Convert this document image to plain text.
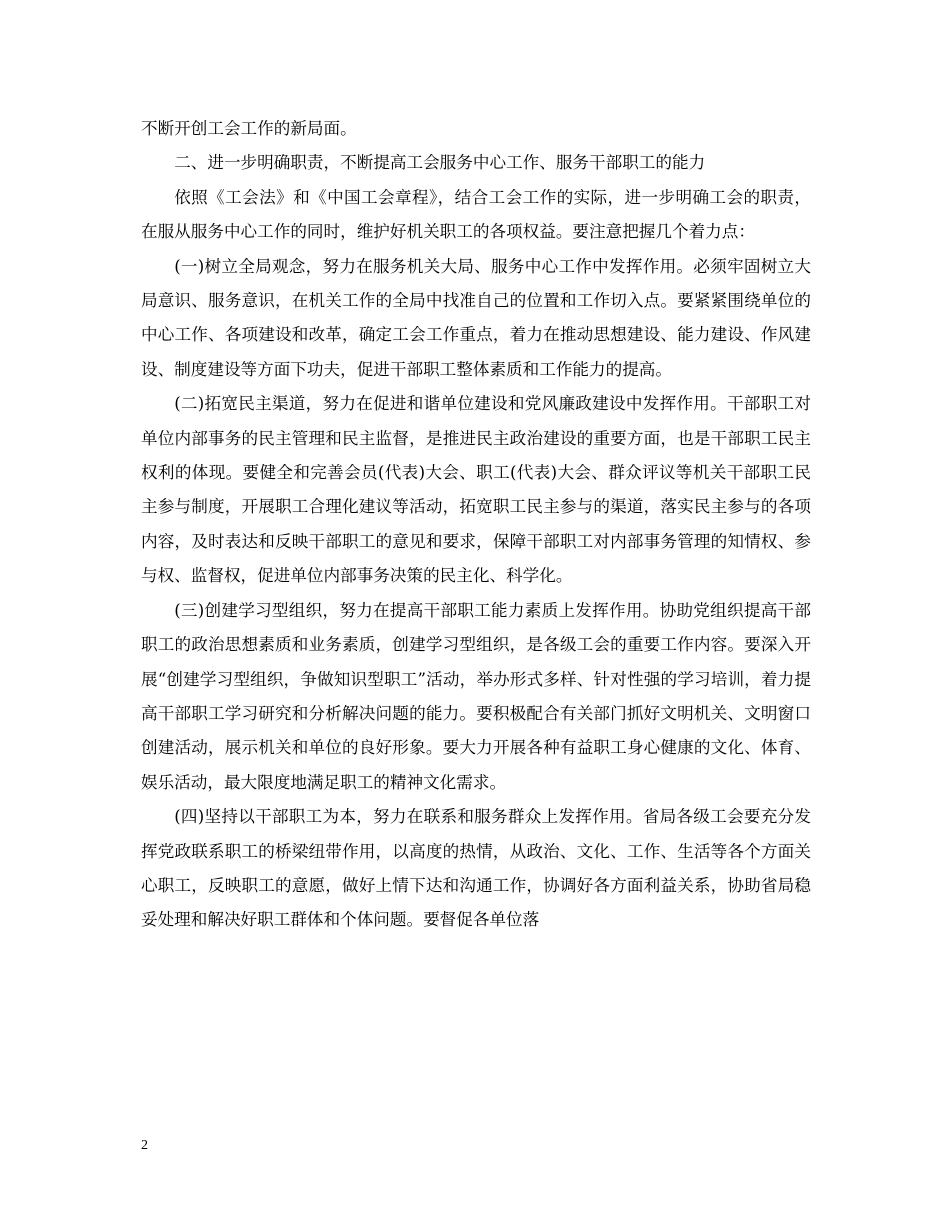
不断开创工会工作的新局面。

二、进一步明确职责，不断提高工会服务中心工作、服务干部职工的能力

依照《工会法》和《中国工会章程》，结合工会工作的实际，进一步明确工会的职责，在服从服务中心工作的同时，维护好机关职工的各项权益。要注意把握几个着力点：

(一)树立全局观念，努力在服务机关大局、服务中心工作中发挥作用。必须牢固树立大局意识、服务意识，在机关工作的全局中找准自己的位置和工作切入点。要紧紧围绕单位的中心工作、各项建设和改革，确定工会工作重点，着力在推动思想建设、能力建设、作风建设、制度建设等方面下功夫，促进干部职工整体素质和工作能力的提高。

(二)拓宽民主渠道，努力在促进和谐单位建设和党风廉政建设中发挥作用。干部职工对单位内部事务的民主管理和民主监督，是推进民主政治建设的重要方面，也是干部职工民主权利的体现。要健全和完善会员(代表)大会、职工(代表)大会、群众评议等机关干部职工民主参与制度，开展职工合理化建议等活动，拓宽职工民主参与的渠道，落实民主参与的各项内容，及时表达和反映干部职工的意见和要求，保障干部职工对内部事务管理的知情权、参与权、监督权，促进单位内部事务决策的民主化、科学化。

(三)创建学习型组织，努力在提高干部职工能力素质上发挥作用。协助党组织提高干部职工的政治思想素质和业务素质，创建学习型组织，是各级工会的重要工作内容。要深入开展“创建学习型组织，争做知识型职工”活动，举办形式多样、针对性强的学习培训，着力提高干部职工学习研究和分析解决问题的能力。要积极配合有关部门抓好文明机关、文明窗口创建活动，展示机关和单位的良好形象。要大力开展各种有益职工身心健康的文化、体育、娱乐活动，最大限度地满足职工的精神文化需求。

(四)坚持以干部职工为本，努力在联系和服务群众上发挥作用。省局各级工会要充分发挥党政联系职工的桥梁纽带作用，以高度的热情，从政治、文化、工作、生活等各个方面关心职工，反映职工的意愿，做好上情下达和沟通工作，协调好各方面利益关系，协助省局稳妥处理和解决好职工群体和个体问题。要督促各单位落

2
